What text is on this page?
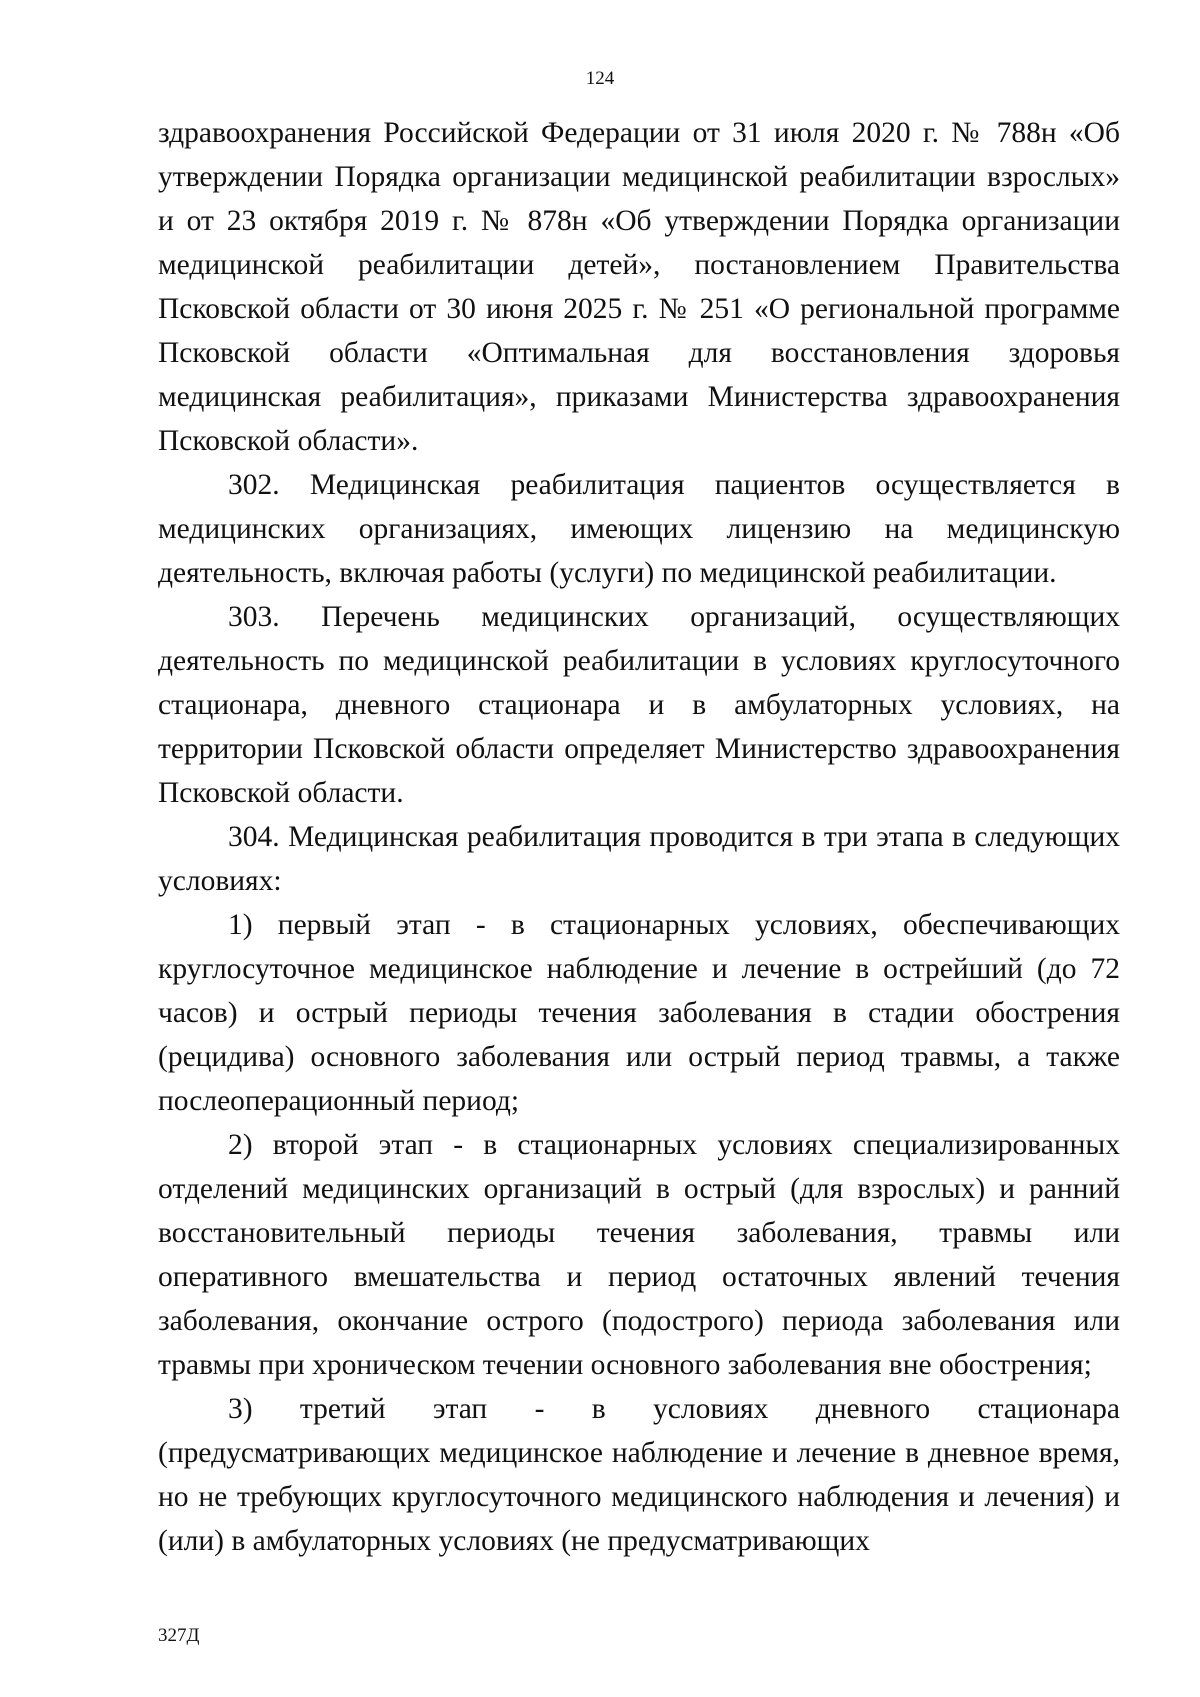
124

здравоохранения Российской Федерации от 31 июля 2020 г. № 788н «Об утверждении Порядка организации медицинской реабилитации взрослых» и от 23 октября 2019 г. № 878н «Об утверждении Порядка организации медицинской реабилитации детей», постановлением Правительства Псковской области от 30 июня 2025 г. № 251 «О региональной программе Псковской области «Оптимальная для восстановления здоровья медицинская реабилитация», приказами Министерства здравоохранения Псковской области».

302. Медицинская реабилитация пациентов осуществляется в медицинских организациях, имеющих лицензию на медицинскую деятельность, включая работы (услуги) по медицинской реабилитации.

303. Перечень медицинских организаций, осуществляющих деятельность по медицинской реабилитации в условиях круглосуточного стационара, дневного стационара и в амбулаторных условиях, на территории Псковской области определяет Министерство здравоохранения Псковской области.

304. Медицинская реабилитация проводится в три этапа в следующих условиях:

1) первый этап - в стационарных условиях, обеспечивающих круглосуточное медицинское наблюдение и лечение в острейший (до 72 часов) и острый периоды течения заболевания в стадии обострения (рецидива) основного заболевания или острый период травмы, а также послеоперационный период;

2) второй этап - в стационарных условиях специализированных отделений медицинских организаций в острый (для взрослых) и ранний восстановительный периоды течения заболевания, травмы или оперативного вмешательства и период остаточных явлений течения заболевания, окончание острого (подострого) периода заболевания или травмы при хроническом течении основного заболевания вне обострения;

3) третий этап - в условиях дневного стационара (предусматривающих медицинское наблюдение и лечение в дневное время, но не требующих круглосуточного медицинского наблюдения и лечения) и (или) в амбулаторных условиях (не предусматривающих

327Д
